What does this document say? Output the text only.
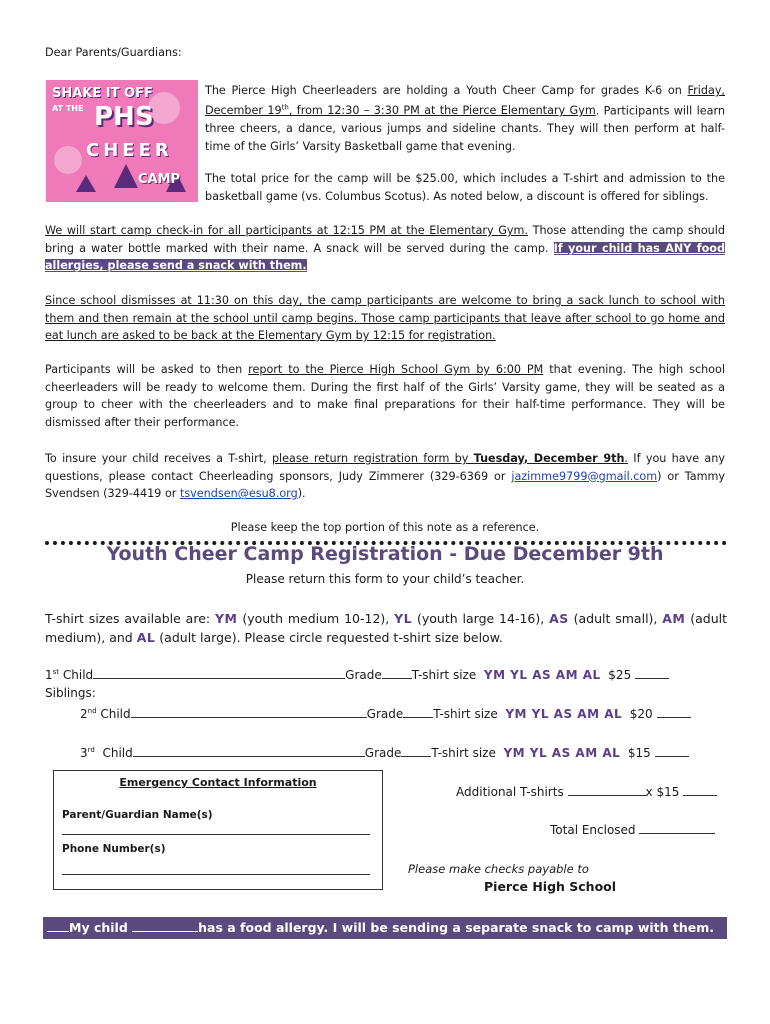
Dear Parents/Guardians:
SHAKE IT OFF
AT THE PHS
CHEER
CAMP

The Pierce High Cheerleaders are holding a Youth Cheer Camp for grades K-6 on Friday, December 19th, from 12:30 – 3:30 PM at the Pierce Elementary Gym. Participants will learn three cheers, a dance, various jumps and sideline chants. They will then perform at half-time of the Girls’ Varsity Basketball game that evening.

The total price for the camp will be $25.00, which includes a T-shirt and admission to the basketball game (vs. Columbus Scotus). As noted below, a discount is offered for siblings.

We will start camp check-in for all participants at 12:15 PM at the Elementary Gym. Those attending the camp should bring a water bottle marked with their name. A snack will be served during the camp. If your child has ANY food allergies, please send a snack with them.

Since school dismisses at 11:30 on this day, the camp participants are welcome to bring a sack lunch to school with them and then remain at the school until camp begins. Those camp participants that leave after school to go home and eat lunch are asked to be back at the Elementary Gym by 12:15 for registration.

Participants will be asked to then report to the Pierce High School Gym by 6:00 PM that evening. The high school cheerleaders will be ready to welcome them. During the first half of the Girls’ Varsity game, they will be seated as a group to cheer with the cheerleaders and to make final preparations for their half-time performance. They will be dismissed after their performance.

To insure your child receives a T-shirt, please return registration form by Tuesday, December 9th. If you have any questions, please contact Cheerleading sponsors, Judy Zimmerer (329-6369 or jazimme9799@gmail.com) or Tammy Svendsen (329-4419 or tsvendsen@esu8.org).

Please keep the top portion of this note as a reference.
Youth Cheer Camp Registration - Due December 9th
Please return this form to your child’s teacher.

T-shirt sizes available are: YM (youth medium 10-12), YL (youth large 14-16), AS (adult small), AM (adult medium), and AL (adult large). Please circle requested t-shirt size below.

1st Child	Grade	T-shirt size YM YL AS AM AL $25
Siblings:
2nd Child	Grade	T-shirt size YM YL AS AM AL $20
3rd Child	Grade	T-shirt size YM YL AS AM AL $15
Emergency Contact Information
Parent/Guardian Name(s)
Phone Number(s)
Additional T-shirts	x $15
Total Enclosed
Please make checks payable to
Pierce High School
My child	has a food allergy. I will be sending a separate snack to camp with them.
